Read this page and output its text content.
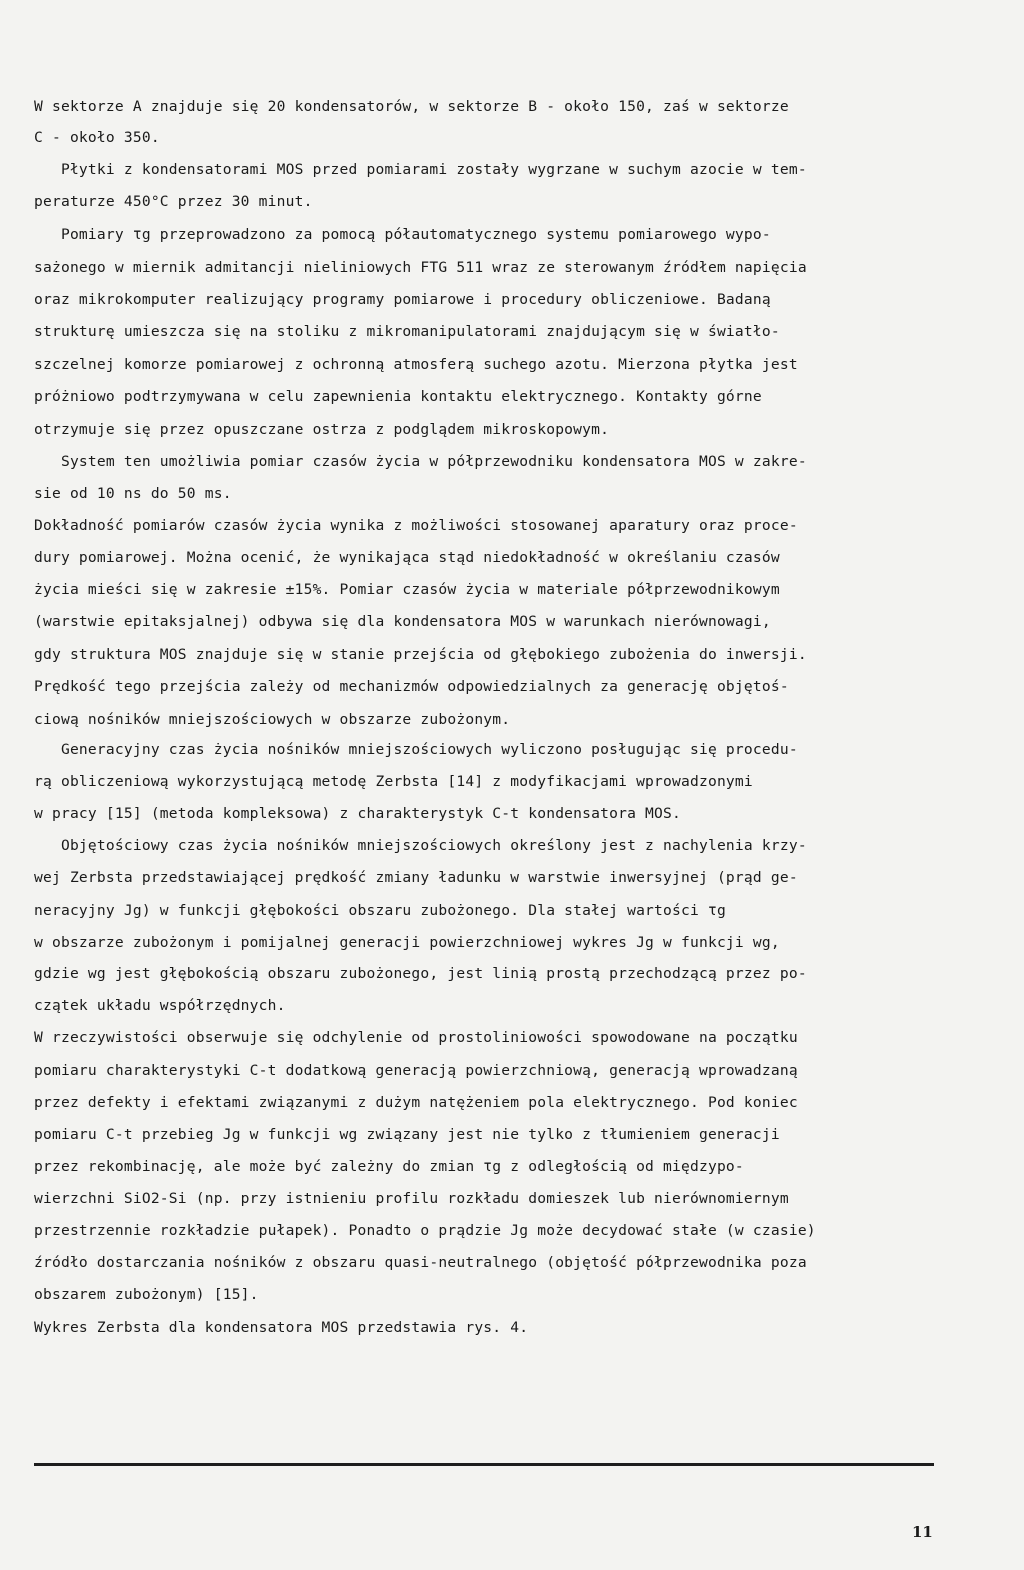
W sektorze A znajduje się 20 kondensatorów, w sektorze B - około 150, zaś w sektorze
C - około 350.
Płytki z kondensatorami MOS przed pomiarami zostały wygrzane w suchym azocie w tem-
peraturze 450°C przez 30 minut.
Pomiary τg przeprowadzono za pomocą półautomatycznego systemu pomiarowego wypo-
sażonego w miernik admitancji nieliniowych FTG 511 wraz ze sterowanym źródłem napięcia
oraz mikrokomputer realizujący programy pomiarowe i procedury obliczeniowe. Badaną
strukturę umieszcza się na stoliku z mikromanipulatorami znajdującym się w światło-
szczelnej komorze pomiarowej z ochronną atmosferą suchego azotu. Mierzona płytka jest
próżniowo podtrzymywana w celu zapewnienia kontaktu elektrycznego. Kontakty górne
otrzymuje się przez opuszczane ostrza z podglądem mikroskopowym.
System ten umożliwia pomiar czasów życia w półprzewodniku kondensatora MOS w zakre-
sie od 10 ns do 50 ms.
Dokładność pomiarów czasów życia wynika z możliwości stosowanej aparatury oraz proce-
dury pomiarowej. Można ocenić, że wynikająca stąd niedokładność w określaniu czasów
życia mieści się w zakresie ±15%. Pomiar czasów życia w materiale półprzewodnikowym
(warstwie epitaksjalnej) odbywa się dla kondensatora MOS w warunkach nierównowagi,
gdy struktura MOS znajduje się w stanie przejścia od głębokiego zubożenia do inwersji.
Prędkość tego przejścia zależy od mechanizmów odpowiedzialnych za generację objętoś-
ciową nośników mniejszościowych w obszarze zubożonym.
Generacyjny czas życia nośników mniejszościowych wyliczono posługując się procedu-
rą obliczeniową wykorzystującą metodę Zerbsta [14] z modyfikacjami wprowadzonymi
w pracy [15] (metoda kompleksowa) z charakterystyk C-t kondensatora MOS.
Objętościowy czas życia nośników mniejszościowych określony jest z nachylenia krzy-
wej Zerbsta przedstawiającej prędkość zmiany ładunku w warstwie inwersyjnej (prąd ge-
neracyjny Jg) w funkcji głębokości obszaru zubożonego. Dla stałej wartości τg
w obszarze zubożonym i pomijalnej generacji powierzchniowej wykres Jg w funkcji wg,
gdzie wg jest głębokością obszaru zubożonego, jest linią prostą przechodzącą przez po-
czątek układu współrzędnych.
W rzeczywistości obserwuje się odchylenie od prostoliniowości spowodowane na początku
pomiaru charakterystyki C-t dodatkową generacją powierzchniową, generacją wprowadzaną
przez defekty i efektami związanymi z dużym natężeniem pola elektrycznego. Pod koniec
pomiaru C-t przebieg Jg w funkcji wg związany jest nie tylko z tłumieniem generacji
przez rekombinację, ale może być zależny do zmian τg z odległością od międzypo-
wierzchni SiO2-Si (np. przy istnieniu profilu rozkładu domieszek lub nierównomiernym
przestrzennie rozkładzie pułapek). Ponadto o prądzie Jg może decydować stałe (w czasie)
źródło dostarczania nośników z obszaru quasi-neutralnego (objętość półprzewodnika poza
obszarem zubożonym) [15].
Wykres Zerbsta dla kondensatora MOS przedstawia rys. 4.
11
